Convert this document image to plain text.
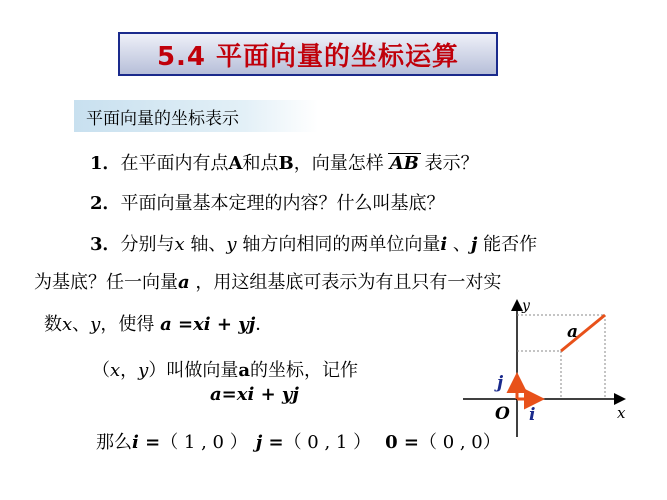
5.4 平面向量的坐标运算
平面向量的坐标表示
1．在平面内有点A和点B，向量怎样 AB 表示？
2．平面向量基本定理的内容？什么叫基底？
3．分别与x 轴、y 轴方向相同的两单位向量i 、j 能否作
为基底？任一向量a ，用这组基底可表示为有且只有一对实
数x、y，使得 a =xi + yj．
（x，y）叫做向量a的坐标，记作
a=xi + yj
那么i =（ 1 , 0 ） j =（ 0 , 1 ） 0 =（ 0 , 0）
y
x
O
a
j
i
